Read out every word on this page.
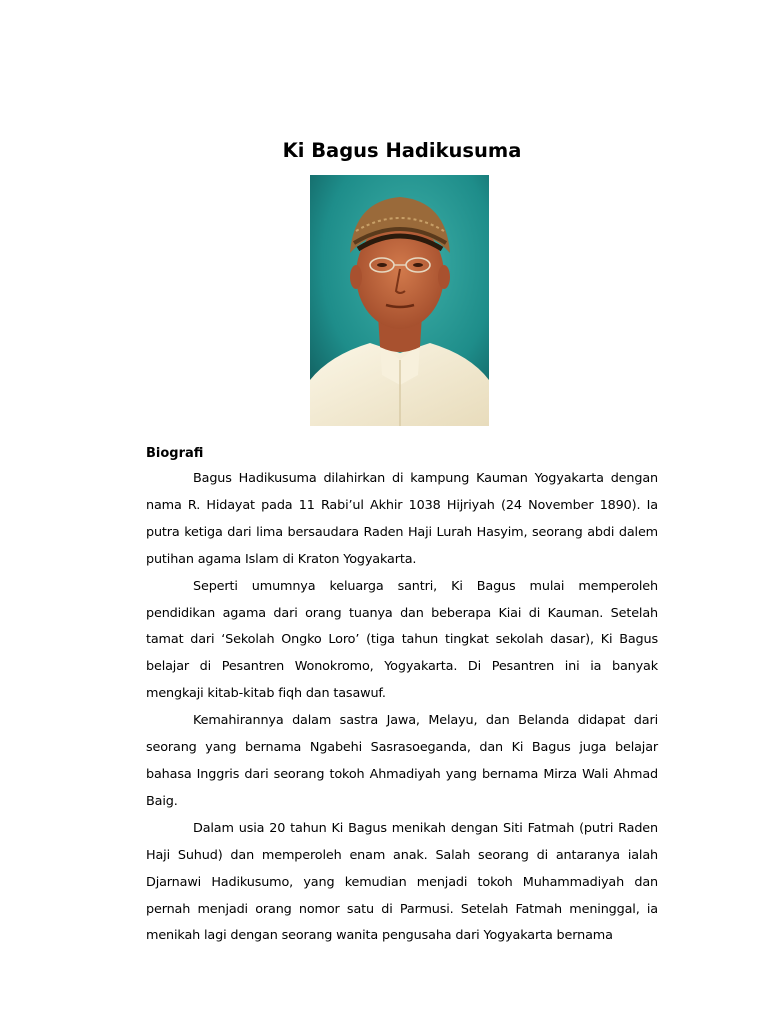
Ki Bagus Hadikusuma
Biografi

Bagus Hadikusuma dilahirkan di kampung Kauman Yogyakarta dengan nama R. Hidayat pada 11 Rabi’ul Akhir 1038 Hijriyah (24 November 1890). Ia putra ketiga dari lima bersaudara Raden Haji Lurah Hasyim, seorang abdi dalem putihan agama Islam di Kraton Yogyakarta.

Seperti umumnya keluarga santri, Ki Bagus mulai memperoleh pendidikan agama dari orang tuanya dan beberapa Kiai di Kauman. Setelah tamat dari ‘Sekolah Ongko Loro’ (tiga tahun tingkat sekolah dasar), Ki Bagus belajar di Pesantren Wonokromo, Yogyakarta. Di Pesantren ini ia banyak mengkaji kitab-kitab fiqh dan tasawuf.

Kemahirannya dalam sastra Jawa, Melayu, dan Belanda didapat dari seorang yang bernama Ngabehi Sasrasoeganda, dan Ki Bagus juga belajar bahasa Inggris dari seorang tokoh Ahmadiyah yang bernama Mirza Wali Ahmad Baig.

Dalam usia 20 tahun Ki Bagus menikah dengan Siti Fatmah (putri Raden Haji Suhud) dan memperoleh enam anak. Salah seorang di antaranya ialah Djarnawi Hadikusumo, yang kemudian menjadi tokoh Muhammadiyah dan pernah menjadi orang nomor satu di Parmusi. Setelah Fatmah meninggal, ia menikah lagi dengan seorang wanita pengusaha dari Yogyakarta bernama
